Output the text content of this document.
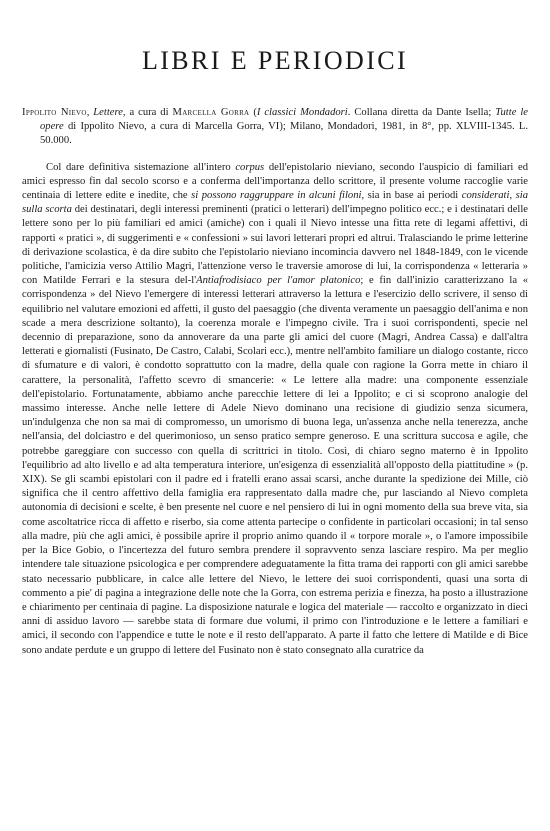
LIBRI E PERIODICI

Ippolito Nievo, Lettere, a cura di Marcella Gorra (I classici Mondadori. Collana diretta da Dante Isella; Tutte le opere di Ippolito Nievo, a cura di Marcella Gorra, VI); Milano, Mondadori, 1981, in 8°, pp. XLVIII-1345. L. 50.000.

Col dare definitiva sistemazione all'intero corpus dell'epistolario nieviano, secondo l'auspicio di familiari ed amici espresso fin dal secolo scorso e a conferma dell'importanza dello scrittore, il presente volume raccoglie varie centinaia di lettere edite e inedite, che si possono raggruppare in alcuni filoni, sia in base ai periodi considerati, sia sulla scorta dei destinatari, degli interessi preminenti (pratici o letterari) dell'impegno politico ecc.; e i destinatari delle lettere sono per lo più familiari ed amici (amiche) con i quali il Nievo intesse una fitta rete di legami affettivi, di rapporti « pratici », di suggerimenti e « confessioni » sui lavori letterari propri ed altrui. Tralasciando le prime letterine di derivazione scolastica, è da dire subito che l'epistolario nieviano incomincia davvero nel 1848-1849, con le vicende politiche, l'amicizia verso Attilio Magri, l'attenzione verso le traversie amorose di lui, la corrispondenza « letteraria » con Matilde Ferrari e la stesura del-l'Antiafrodisiaco per l'amor platonico; e fin dall'inizio caratterizzano la « corrispondenza » del Nievo l'emergere di interessi letterari attraverso la lettura e l'esercizio dello scrivere, il senso di equilibrio nel valutare emozioni ed affetti, il gusto del paesaggio (che diventa veramente un paesaggio dell'anima e non scade a mera descrizione soltanto), la coerenza morale e l'impegno civile. Tra i suoi corrispondenti, specie nel decennio di preparazione, sono da annoverare da una parte gli amici del cuore (Magri, Andrea Cassa) e dall'altra letterati e giornalisti (Fusinato, De Castro, Calabi, Scolari ecc.), mentre nell'ambito familiare un dialogo costante, ricco di sfumature e di valori, è condotto soprattutto con la madre, della quale con ragione la Gorra mette in chiaro il carattere, la personalità, l'affetto scevro di smancerie: « Le lettere alla madre: una componente essenziale dell'epistolario. Fortunatamente, abbiamo anche parecchie lettere di lei a Ippolito; e ci si scoprono analogie del massimo interesse. Anche nelle lettere di Adele Nievo dominano una recisione di giudizio senza sicumera, un'indulgenza che non sa mai di compromesso, un umorismo di buona lega, un'assenza anche nella tenerezza, anche nell'ansia, del dolciastro e del querimonioso, un senso pratico sempre generoso. E una scrittura succosa e agile, che potrebbe gareggiare con successo con quella di scrittrici in titolo. Così, di chiaro segno materno è in Ippolito l'equilibrio ad alto livello e ad alta temperatura interiore, un'esigenza di essenzialità all'opposto della piattitudine » (p. XIX). Se gli scambi epistolari con il padre ed i fratelli erano assai scarsi, anche durante la spedizione dei Mille, ciò significa che il centro affettivo della famiglia era rappresentato dalla madre che, pur lasciando al Nievo completa autonomia di decisioni e scelte, è ben presente nel cuore e nel pensiero di lui in ogni momento della sua breve vita, sia come ascoltatrice ricca di affetto e riserbo, sia come attenta partecipe o confidente in particolari occasioni; in tal senso alla madre, più che agli amici, è possibile aprire il proprio animo quando il « torpore morale », o l'amore impossibile per la Bice Gobio, o l'incertezza del futuro sembra prendere il sopravvento senza lasciare respiro. Ma per meglio intendere tale situazione psicologica e per comprendere adeguatamente la fitta trama dei rapporti con gli amici sarebbe stato necessario pubblicare, in calce alle lettere del Nievo, le lettere dei suoi corrispondenti, quasi una sorta di commento a pie' di pagina a integrazione delle note che la Gorra, con estrema perizia e finezza, ha posto a illustrazione e chiarimento per centinaia di pagine. La disposizione naturale e logica del materiale — raccolto e organizzato in dieci anni di assiduo lavoro — sarebbe stata di formare due volumi, il primo con l'introduzione e le lettere a familiari e amici, il secondo con l'appendice e tutte le note e il resto dell'apparato. A parte il fatto che lettere di Matilde e di Bice sono andate perdute e un gruppo di lettere del Fusinato non è stato consegnato alla curatrice da
